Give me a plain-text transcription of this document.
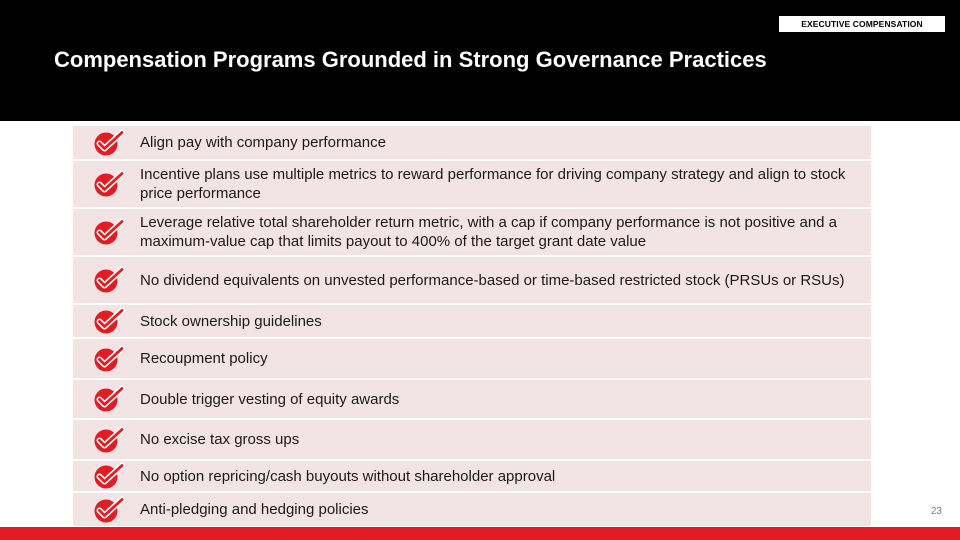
EXECUTIVE COMPENSATION
Compensation Programs Grounded in Strong Governance Practices
Align pay with company performance
Incentive plans use multiple metrics to reward performance for driving company strategy and align to stock price performance
Leverage relative total shareholder return metric, with a cap if company performance is not positive and a maximum-value cap that limits payout to 400% of the target grant date value
No dividend equivalents on unvested performance-based or time-based restricted stock (PRSUs or RSUs)
Stock ownership guidelines
Recoupment policy
Double trigger vesting of equity awards
No excise tax gross ups
No option repricing/cash buyouts without shareholder approval
Anti-pledging and hedging policies	23
